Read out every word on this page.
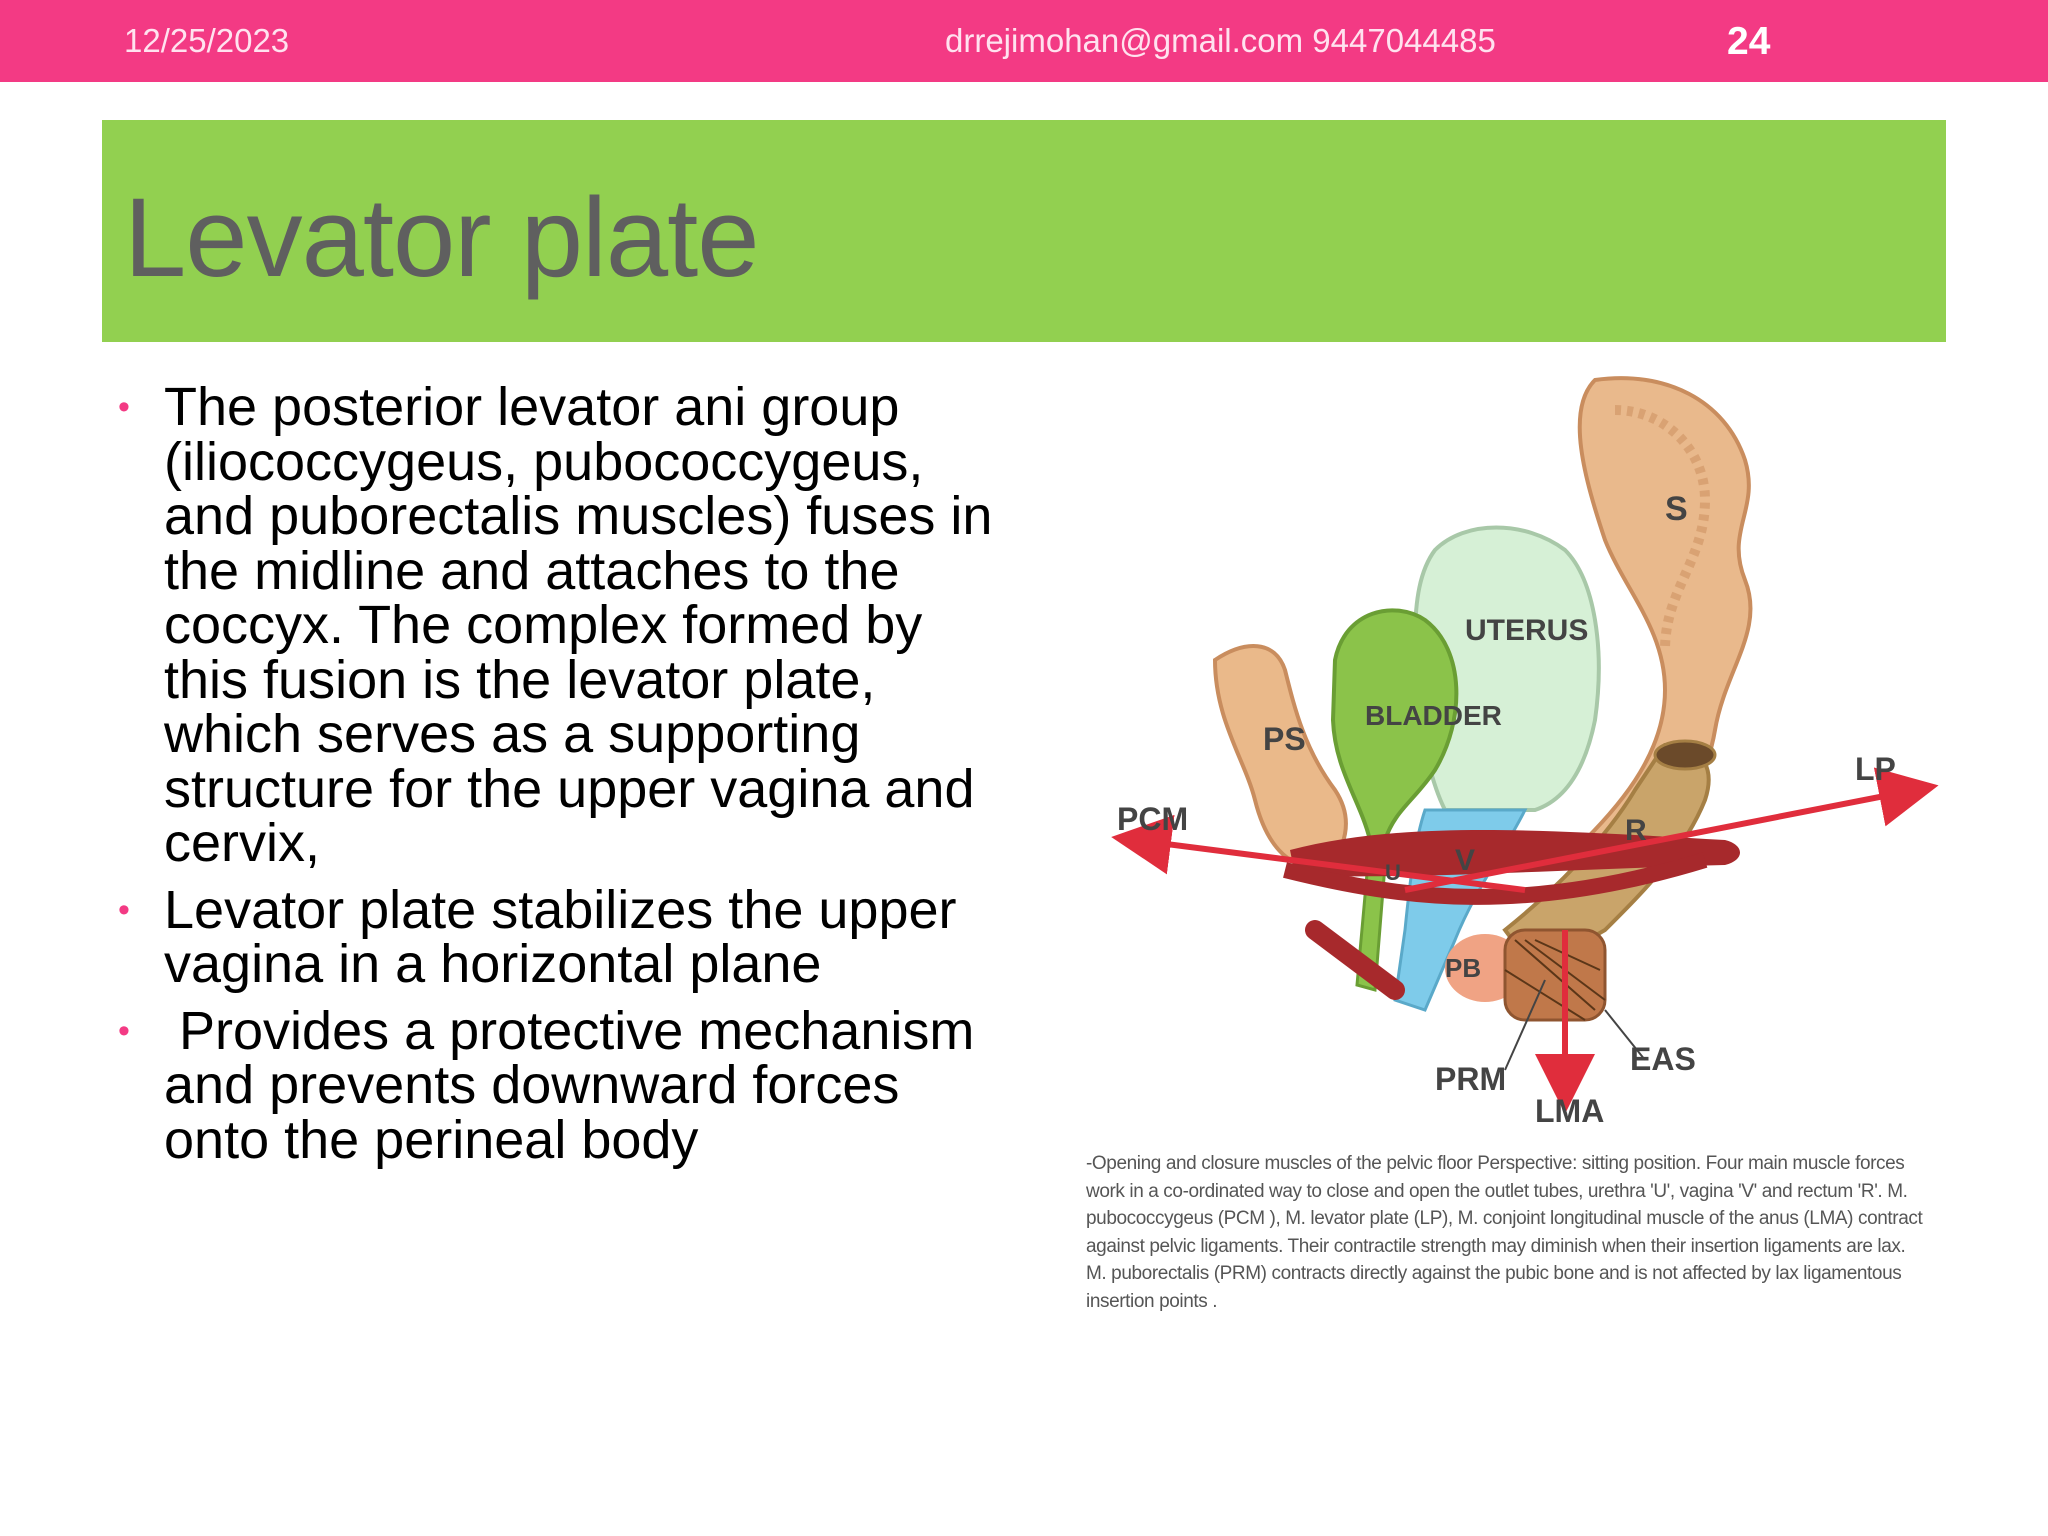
12/25/2023	drrejimohan@gmail.com 9447044485	24
Levator plate
• The posterior levator ani group (iliococcygeus, pubococcygeus, and puborectalis muscles) fuses in the midline and attaches to the coccyx. The complex formed by this fusion is the levator plate, which serves as a supporting structure for the upper vagina and cervix,
• Levator plate stabilizes the upper vagina in a horizontal plane
• Provides a protective mechanism and prevents downward forces onto the perineal body
S
UTERUS
BLADDER
PS
PCM
LP
R
V
U
PB
PRM
LMA
EAS
-Opening and closure muscles of the pelvic floor Perspective: sitting position. Four main muscle forces work in a co-ordinated way to close and open the outlet tubes, urethra 'U', vagina 'V' and rectum 'R'. M. pubococcygeus (PCM ), M. levator plate (LP), M. conjoint longitudinal muscle of the anus (LMA) contract against pelvic ligaments. Their contractile strength may diminish when their insertion ligaments are lax. M. puborectalis (PRM) contracts directly against the pubic bone and is not affected by lax ligamentous insertion points .
